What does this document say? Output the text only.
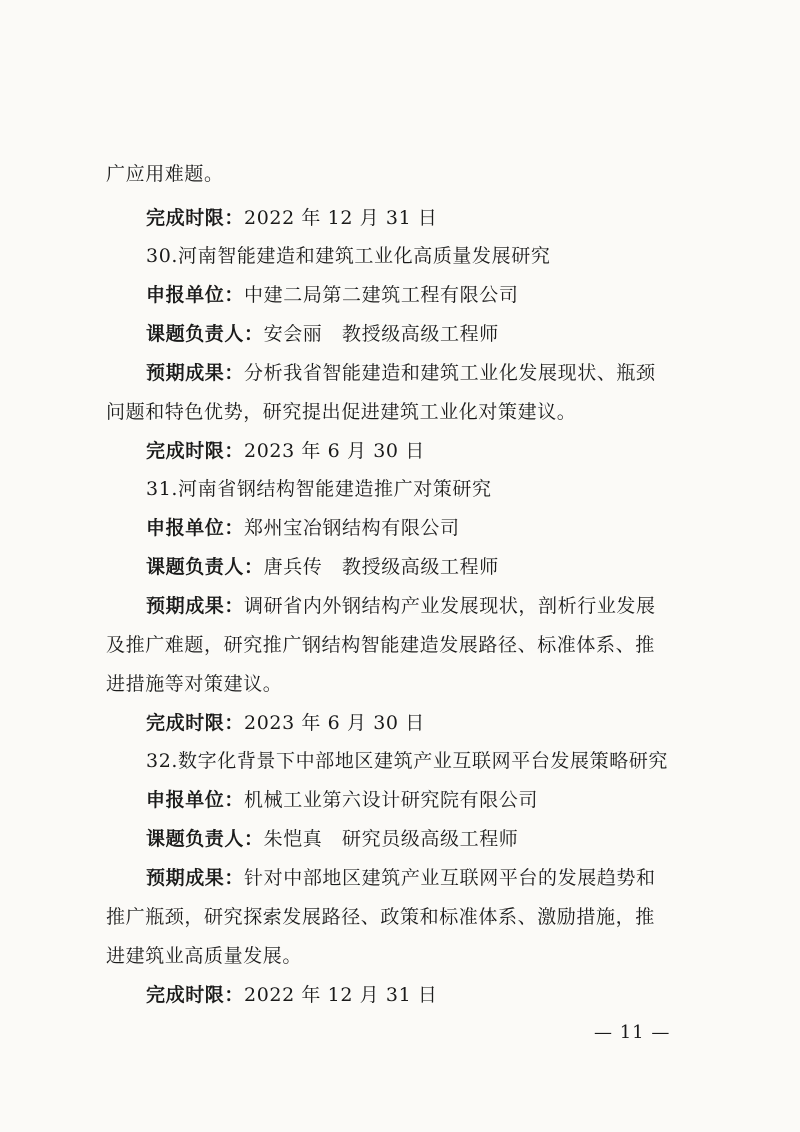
广应用难题。
完成时限：2022 年 12 月 31 日
30.河南智能建造和建筑工业化高质量发展研究
申报单位：中建二局第二建筑工程有限公司
课题负责人：安会丽　教授级高级工程师
预期成果：分析我省智能建造和建筑工业化发展现状、瓶颈
问题和特色优势，研究提出促进建筑工业化对策建议。
完成时限：2023 年 6 月 30 日
31.河南省钢结构智能建造推广对策研究
申报单位：郑州宝冶钢结构有限公司
课题负责人：唐兵传　教授级高级工程师
预期成果：调研省内外钢结构产业发展现状，剖析行业发展
及推广难题，研究推广钢结构智能建造发展路径、标准体系、推
进措施等对策建议。
完成时限：2023 年 6 月 30 日
32.数字化背景下中部地区建筑产业互联网平台发展策略研究
申报单位：机械工业第六设计研究院有限公司
课题负责人：朱恺真　研究员级高级工程师
预期成果：针对中部地区建筑产业互联网平台的发展趋势和
推广瓶颈，研究探索发展路径、政策和标准体系、激励措施，推
进建筑业高质量发展。
完成时限：2022 年 12 月 31 日
— 11 —
